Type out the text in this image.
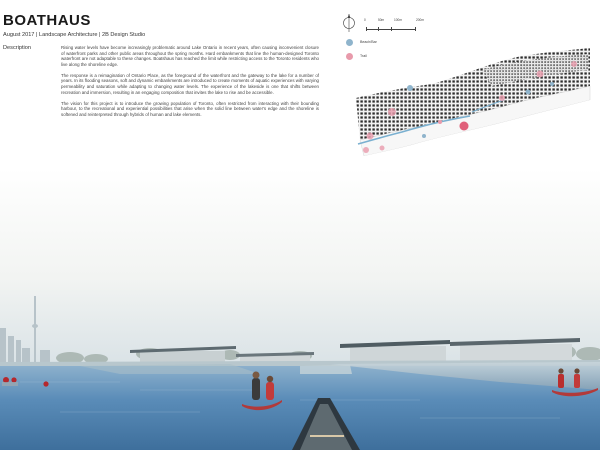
BOATHAUS
August 2017 | Landscape Architecture | 2B Design Studio
Description	Rising water levels have become increasingly problematic around Lake Ontario in recent years, often causing inconvenient closure of waterfront parks and other public areas throughout the spring months. Hard embankments that line the human-designed Toronto waterfront are not adaptable to these changes. Boatshaus has reached the limit while restricting access to the Toronto residents who live along the shoreline edge.

The response is a reimagination of Ontario Place, as the foreground of the waterfront and the gateway to the lake for a number of years. In its flooding seasons, soft and dynamic embankments are introduced to create moments of aquatic experiences with varying permeability and saturation while adapting to changing water levels. The experience of the lakeside is one that shifts between recreation and immersion, resulting in an engaging composition that invites the lake to rise and be accessible.

The vision for this project is to introduce the growing population of Toronto, often restricted from interacting with their bounding harbour, to the recreational and experiential possibilities that arise when the solid line between water's edge and the shoreline is softened and reinterpreted through hybrids of human and lake elements.

0	50m	100m	200m
Beach/Bar
Trail
